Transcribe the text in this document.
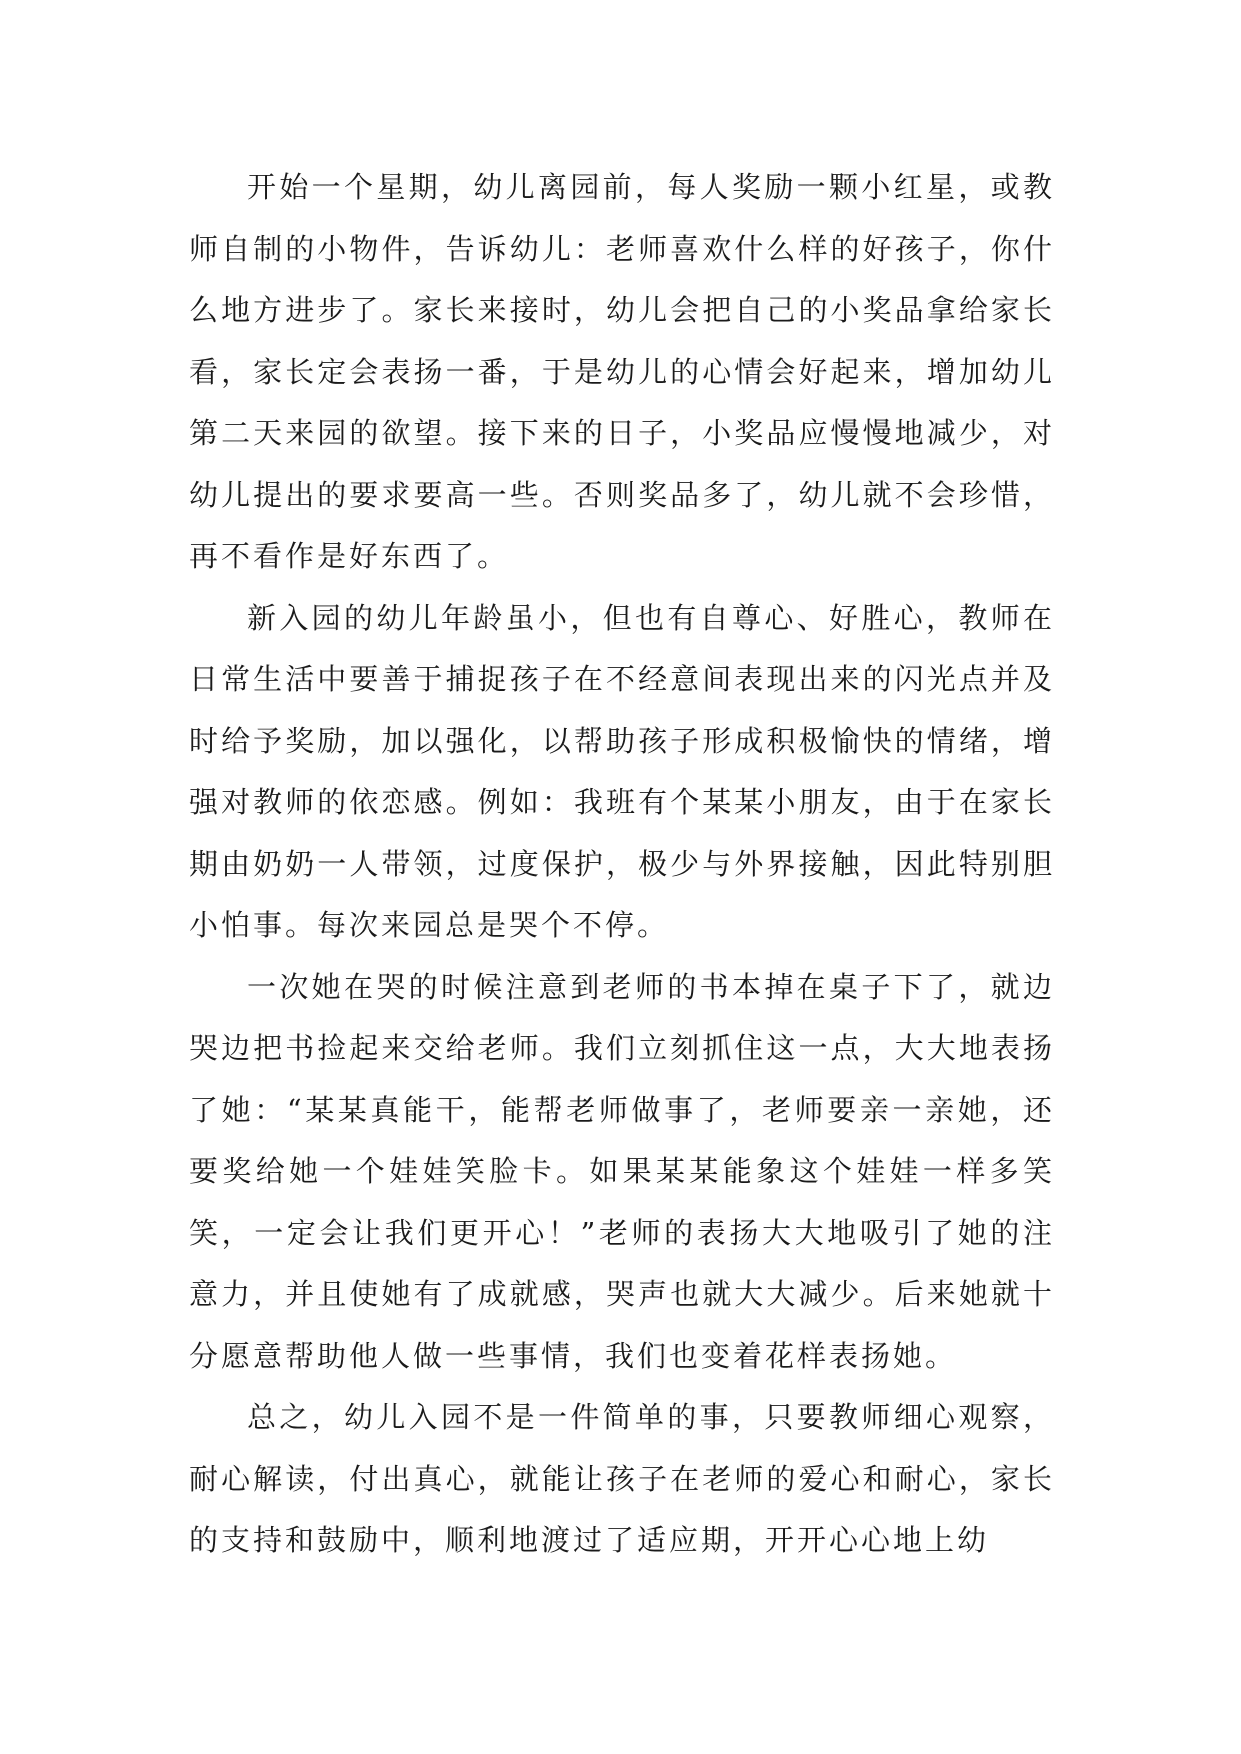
开始一个星期，幼儿离园前，每人奖励一颗小红星，或教师自制的小物件，告诉幼儿：老师喜欢什么样的好孩子，你什么地方进步了。家长来接时，幼儿会把自己的小奖品拿给家长看，家长定会表扬一番，于是幼儿的心情会好起来，增加幼儿第二天来园的欲望。接下来的日子，小奖品应慢慢地减少，对幼儿提出的要求要高一些。否则奖品多了，幼儿就不会珍惜，再不看作是好东西了。

新入园的幼儿年龄虽小，但也有自尊心、好胜心，教师在日常生活中要善于捕捉孩子在不经意间表现出来的闪光点并及时给予奖励，加以强化，以帮助孩子形成积极愉快的情绪，增强对教师的依恋感。例如：我班有个某某小朋友，由于在家长期由奶奶一人带领，过度保护，极少与外界接触，因此特别胆小怕事。每次来园总是哭个不停。

一次她在哭的时候注意到老师的书本掉在桌子下了，就边哭边把书捡起来交给老师。我们立刻抓住这一点，大大地表扬了她：“某某真能干，能帮老师做事了，老师要亲一亲她，还要奖给她一个娃娃笑脸卡。如果某某能象这个娃娃一样多笑笑，一定会让我们更开心！”老师的表扬大大地吸引了她的注意力，并且使她有了成就感，哭声也就大大减少。后来她就十分愿意帮助他人做一些事情，我们也变着花样表扬她。

总之，幼儿入园不是一件简单的事，只要教师细心观察，耐心解读，付出真心，就能让孩子在老师的爱心和耐心，家长的支持和鼓励中，顺利地渡过了适应期，开开心心地上幼
